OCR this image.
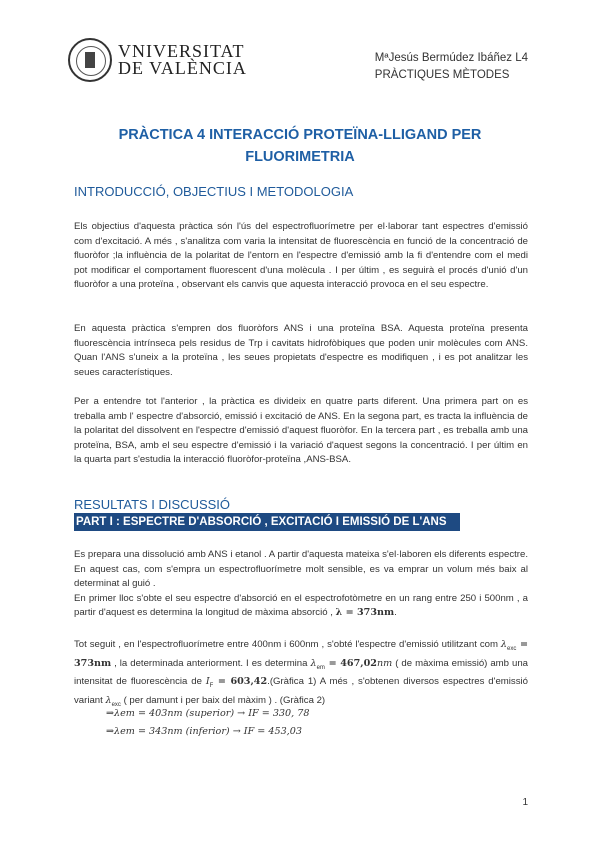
VNIVERSITAT
DE VALÈNCIA	MªJesús Bermúdez Ibáñez L4
PRÀCTIQUES MÈTODES
PRÀCTICA 4 INTERACCIÓ PROTEÏNA-LLIGAND PER
FLUORIMETRIA
INTRODUCCIÓ, OBJECTIUS I METODOLOGIA
Els objectius d'aquesta pràctica són l'ús del espectrofluorímetre per el·laborar tant espectres d'emissió com d'excitació. A més , s'analitza com varia la intensitat de fluorescència en funció de la concentració de fluoròfor ;la influència de la polaritat de l'entorn en l'espectre d'emissió amb la fi d'entendre com el medi pot modificar el comportament fluorescent d'una molècula . I per últim , es seguirà el procés d'unió d'un fluoròfor a una proteïna , observant els canvis que aquesta interacció provoca en el seu espectre.
En aquesta pràctica s'empren dos fluoròfors ANS i una proteïna BSA. Aquesta proteïna presenta fluorescència intrínseca pels residus de Trp i cavitats hidrofòbiques que poden unir molècules com ANS. Quan l'ANS s'uneix a la proteïna , les seues propietats d'espectre es modifiquen , i es pot analitzar les seues característiques.
Per a entendre tot l'anterior , la pràctica es divideix en quatre parts diferent. Una primera part on es treballa amb l' espectre d'absorció, emissió i excitació de ANS. En la segona part, es tracta la influència de la polaritat del dissolvent en l'espectre d'emissió d'aquest fluoròfor. En la tercera part , es treballa amb una proteïna, BSA, amb el seu espectre d'emissió i la variació d'aquest segons la concentració. I per últim en la quarta part s'estudia la interacció fluoròfor-proteïna ,ANS-BSA.
RESULTATS I DISCUSSIÓ
PART I : ESPECTRE D'ABSORCIÓ , EXCITACIÓ I EMISSIÓ DE L'ANS
Es prepara una dissolució amb ANS i etanol . A partir d'aquesta mateixa s'el·laboren els diferents espectre. En aquest cas, com s'empra un espectrofluorímetre molt sensible, es va emprar un volum més baix al determinat al guió .
En primer lloc s'obte el seu espectre d'absorció en el espectrofotòmetre en un rang entre 250 i 500nm , a partir d'aquest es determina la longitud de màxima absorció , λ = 373nm.
Tot seguit , en l'espectrofluorímetre entre 400nm i 600nm , s'obté l'espectre d'emissió utilitzant com $\lambda_{exc} = 373nm$ , la determinada anteriorment. I es determina $\lambda_{em} = 467,02nm$ ( de màxima emissió) amb una intensitat de fluorescència de $I_F$ = 603,42.(Gràfica 1) A més , s'obtenen diversos espectres d'emissió variant $\lambda_{exc}$ ( per damunt i per baix del màxim ) . (Gràfica 2)
⇒λem = 403nm (superior) → IF = 330, 78
⇒λem = 343nm (inferior) → IF = 453,03
1
